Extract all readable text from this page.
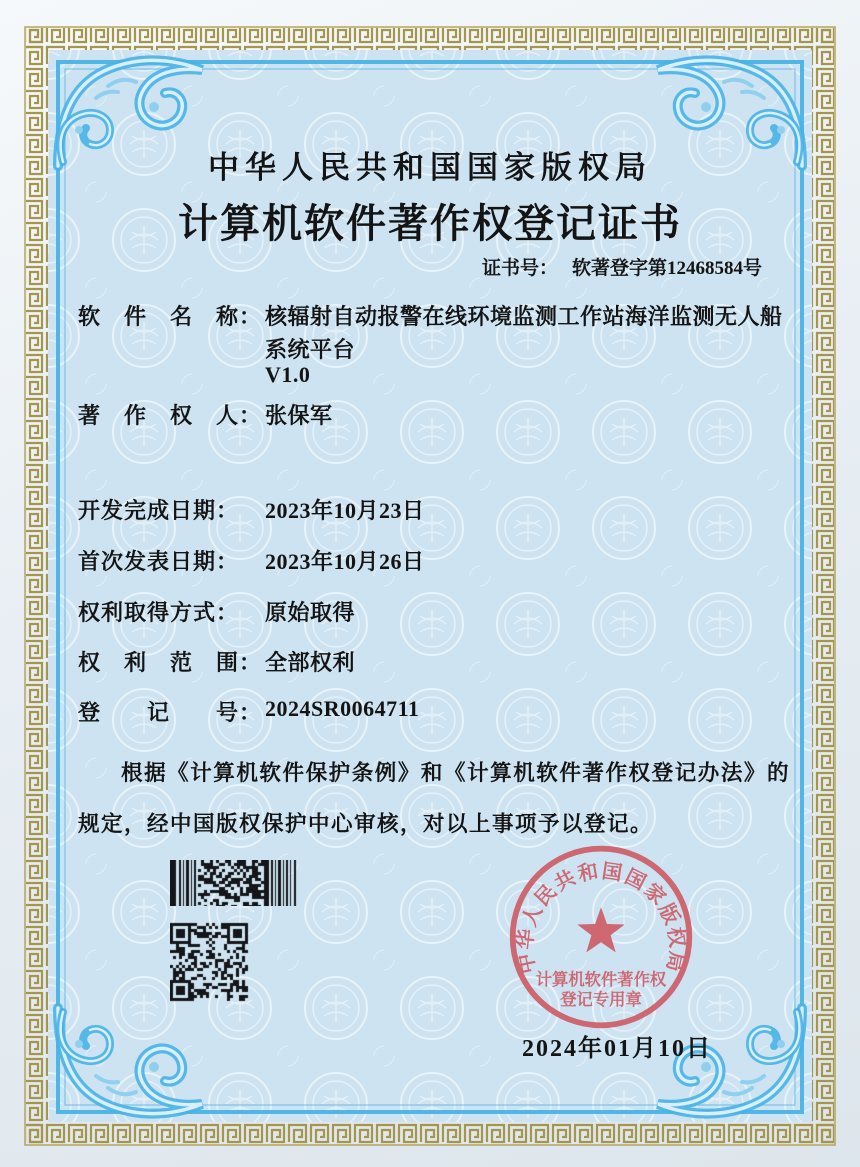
中华人民共和国国家版权局
计算机软件著作权登记证书
证书号： 软著登字第12468584号
软　件　名　称： 核辐射自动报警在线环境监测工作站海洋监测无人船
系统平台
V1.0
著　作　权　人： 张保军
开发完成日期： 2023年10月23日
首次发表日期： 2023年10月26日
权利取得方式： 原始取得
权　利　范　围： 全部权利
登　　记　　号： 2024SR0064711
根据《计算机软件保护条例》和《计算机软件著作权登记办法》的规定，经中国版权保护中心审核，对以上事项予以登记。
中华人民共和国国家版权局
计算机软件著作权
登记专用章
2024年01月10日
